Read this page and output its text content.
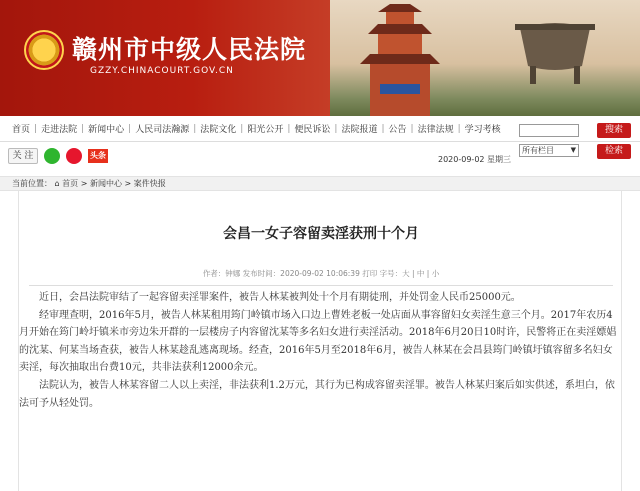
赣州市中级人民法院
GZZY.CHINACOURT.GOV.CN
首页 | 走进法院 | 新闻中心 | 人民司法瀚源 | 法院文化 | 阳光公开 | 便民诉讼 | 法院报道 | 公告 | 法律法规 | 学习考核	搜索
所有栏目 ▼	检索
关 注	头条	2020-09-02 星期三
当前位置： ⌂ 首页 > 新闻中心 > 案件快报
会昌一女子容留卖淫获刑十个月
作者：钟娜 发布时间：2020-09-02 10:06:39 打印 字号：大 | 中 | 小

近日，会昌法院审结了一起容留卖淫罪案件，被告人林某被判处十个月有期徒刑，并处罚金人民币25000元。

经审理查明，2016年5月，被告人林某租用筠门岭镇市场入口边上曹姓老板一处店面从事容留妇女卖淫生意三个月。2017年农历4月开始在筠门岭圩镇米市旁边朱开群的一层楼房子内容留沈某等多名妇女进行卖淫活动。2018年6月20日10时许，民警将正在卖淫嫖娼的沈某、何某当场查获，被告人林某趁乱逃离现场。经查，2016年5月至2018年6月，被告人林某在会昌县筠门岭镇圩镇容留多名妇女卖淫，每次抽取出台费10元，共非法获利12000余元。

法院认为，被告人林某容留二人以上卖淫，非法获利1.2万元，其行为已构成容留卖淫罪。被告人林某归案后如实供述，系坦白，依法可予从轻处罚。
